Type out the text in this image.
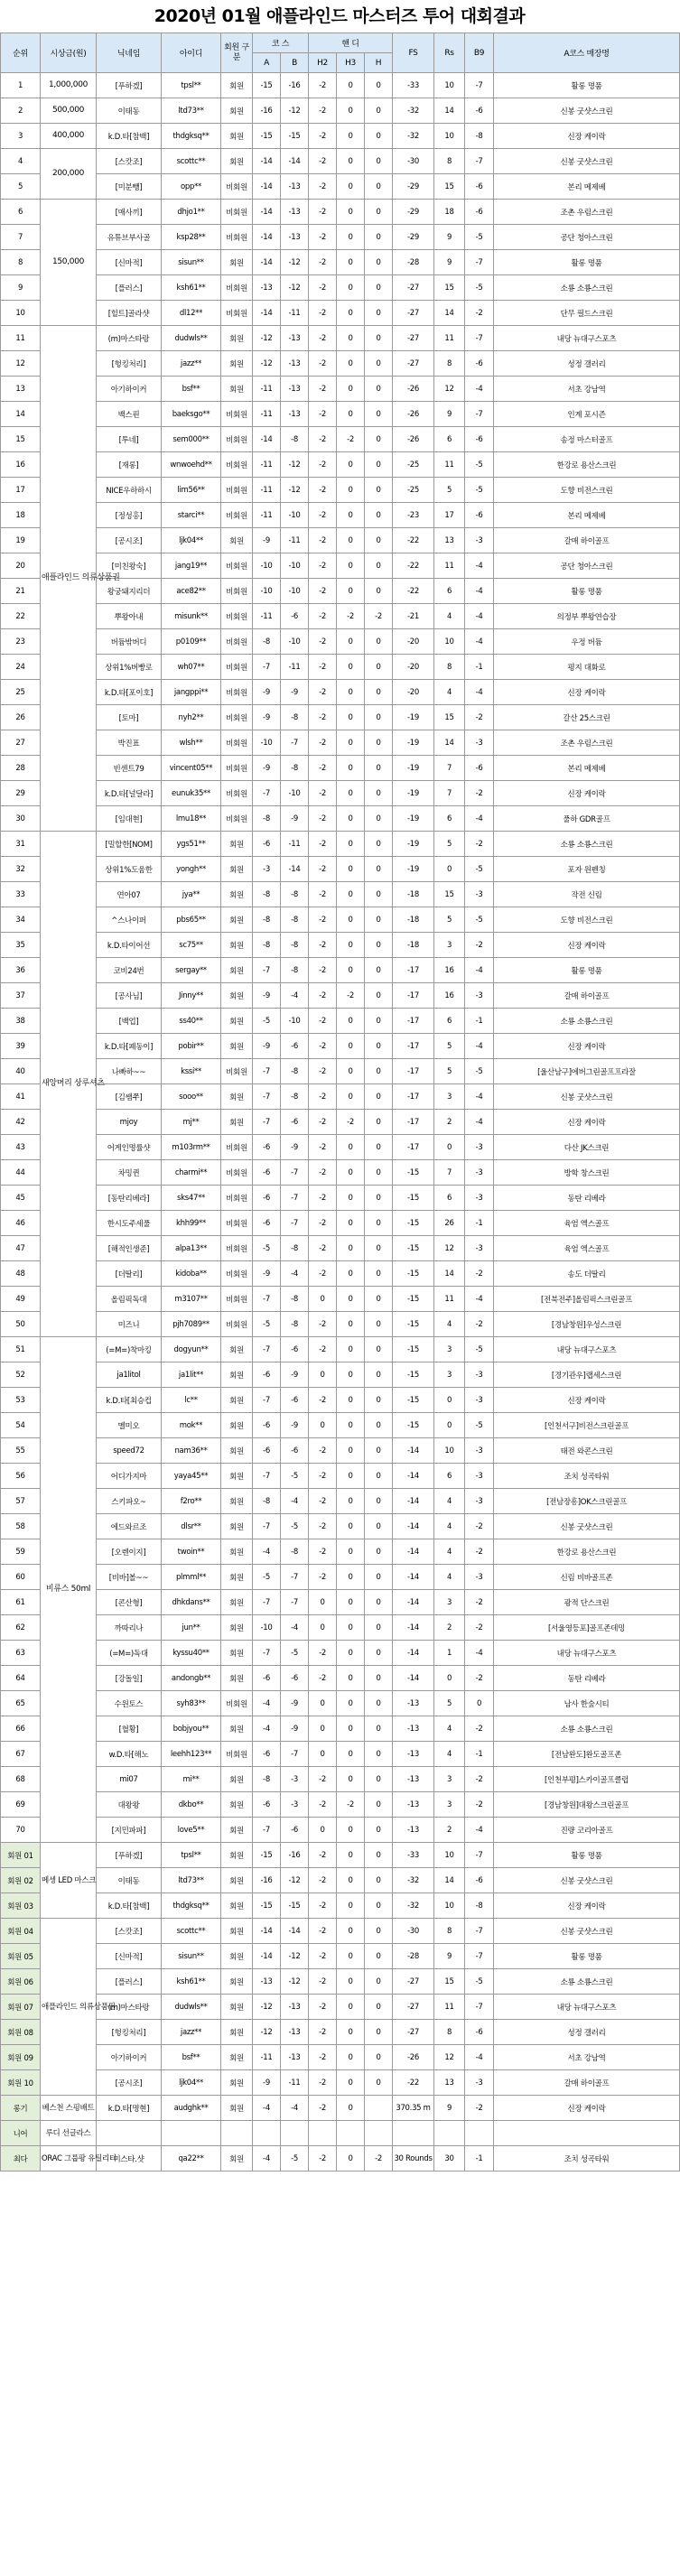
2020년 01월 애플라인드 마스터즈 투어 대회결과
순위	시상금(원)	닉네임	아이디	회원 구분	코 스		핸 디			FS	Rs	B9	A코스 매장명
					A	B	H2	H3	H				
1	1,000,000	[푸하겠]	tpsl**	회원	-15	-16	-2	0	0	-33	10	-7	활롱 명품
2	500,000	이태동	ltd73**	회원	-16	-12	-2	0	0	-32	14	-6	신봉 굿샷스크린
3	400,000	k.D.타[참백]	thdgksq**	회원	-15	-15	-2	0	0	-32	10	-8	신장 케이락
4	200,000	[스캇조]	scottc**	회원	-14	-14	-2	0	0	-30	8	-7	신봉 굿샷스크린
5		[미분뺑]	opp**	비회원	-14	-13	-2	0	0	-29	15	-6	본리 메제베
6	150,000	[매사끼]	dhjo1**	비회원	-14	-13	-2	0	0	-29	18	-6	조촌 우림스크린
7		유튜브부사골	ksp28**	비회원	-14	-13	-2	0	0	-29	9	-5	공단 청아스크린
8		[신마적]	sisun**	회원	-14	-12	-2	0	0	-28	9	-7	활롱 명품
9		[플러스]	ksh61**	비회원	-13	-12	-2	0	0	-27	15	-5	소룡 소룡스크린
10		[힐트]골라샷	dl12**	비회원	-14	-11	-2	0	0	-27	14	-2	단무 필드스크린
11	애플라인드 의류상품권	(m)마스타랑	dudwls**	회원	-12	-13	-2	0	0	-27	11	-7	내당 뉴대구스포츠
12		[헝킹처리]	jazz**	회원	-12	-13	-2	0	0	-27	8	-6	성정 갤러리
13		아기하이커	bsf**	회원	-11	-13	-2	0	0	-26	12	-4	서초 강남역
14		백스핀	baeksgo**	비회원	-11	-13	-2	0	0	-26	9	-7	인계 포시즌
15		[투네]	sem000**	비회원	-14	-8	-2	-2	0	-26	6	-6	송정 마스터골프
16		[재롱]	wnwoehd**	비회원	-11	-12	-2	0	0	-25	11	-5	한강로 용산스크린
17		NICE우하하시	lim56**	비회원	-11	-12	-2	0	0	-25	5	-5	도향 비전스크린
18		[정성홍]	starci**	비회원	-11	-10	-2	0	0	-23	17	-6	본리 메제베
19		[공시조]	ljk04**	회원	-9	-11	-2	0	0	-22	13	-3	갈매 하이골프
20		[미친왕숙]	jang19**	비회원	-10	-10	-2	0	0	-22	11	-4	공단 청아스크린
21		왕궁돼지리더	ace82**	비회원	-10	-10	-2	0	0	-22	6	-4	활롱 명품
22		뿌왕아내	misunk**	비회원	-11	-6	-2	-2	-2	-21	4	-4	의정부 뿌왕연습장
23		버듐밖버디	p0109**	비회원	-8	-10	-2	0	0	-20	10	-4	우정 버듐
24		상위1%버빵로	wh07**	비회원	-7	-11	-2	0	0	-20	8	-1	평지 대화로
25		k.D.타[포이호]	jangppi**	비회원	-9	-9	-2	0	0	-20	4	-4	신장 케이락
26		[토마]	nyh2**	비회원	-9	-8	-2	0	0	-19	15	-2	갈산 25스크린
27		박진표	wlsh**	비회원	-10	-7	-2	0	0	-19	14	-3	조촌 우림스크린
28		빈센트79	vincent05**	비회원	-9	-8	-2	0	0	-19	7	-6	본리 메제베
29		k.D.타[널달라]	eunuk35**	비회원	-7	-10	-2	0	0	-19	7	-2	신장 케이락
30		[임대현]	lmu18**	비회원	-8	-9	-2	0	0	-19	6	-4	풀하 GDR골프
31	새앙머리 상루셔츠	[밀할한[NOM]	ygs51**	회원	-6	-11	-2	0	0	-19	5	-2	소룡 소룡스크린
32		상위1%도움한	yongh**	회원	-3	-14	-2	0	0	-19	0	-5	포자 원펜칭
33		연아07	jya**	회원	-8	-8	-2	0	0	-18	15	-3	작전 신림
34		^스나이퍼	pbs65**	회원	-8	-8	-2	0	0	-18	5	-5	도향 비전스크린
35		k.D.타이어선	sc75**	회원	-8	-8	-2	0	0	-18	3	-2	신장 케이락
36		코비24번	sergay**	회원	-7	-8	-2	0	0	-17	16	-4	활롱 명품
37		[공사님]	Jinny**	회원	-9	-4	-2	-2	0	-17	16	-3	갈매 하이골프
38		[백업]	ss40**	회원	-5	-10	-2	0	0	-17	6	-1	소룡 소룡스크린
39		k.D.타[폐동이]	pobir**	회원	-9	-6	-2	0	0	-17	5	-4	신장 케이락
40		나빠하~~	kssi**	비회원	-7	-8	-2	0	0	-17	5	-5	[울산남구]에버그린골프프라잘
41		[김쌤쭈]	sooo**	회원	-7	-8	-2	0	0	-17	3	-4	신봉 굿샷스크린
42		mjoy	mj**	회원	-7	-6	-2	-2	0	-17	2	-4	신장 케이락
43		어게인명률샷	m103rm**	비회원	-6	-9	-2	0	0	-17	0	-3	다산 JK스크린
44		차밍퀸	charmi**	비회원	-6	-7	-2	0	0	-15	7	-3	방학 창스크린
45		[동탄리베라]	sks47**	비회원	-6	-7	-2	0	0	-15	6	-3	동탄 리베라
46		한시도주세풀	khh99**	비회원	-6	-7	-2	0	0	-15	26	-1	육엄 엑스골프
47		[해적인생준]	alpa13**	비회원	-5	-8	-2	0	0	-15	12	-3	육엄 엑스골프
48		[더딸리]	kidoba**	비회원	-9	-4	-2	0	0	-15	14	-2	송도 더딸리
49		올림픽독대	m3107**	비회원	-7	-8	0	0	0	-15	11	-4	[전북전주]올림픽스크린골프
50		미즈니	pjh7089**	비회원	-5	-8	-2	0	0	-15	4	-2	[경남창원]우성스크린
51	비류스 50ml	(=M=)착마킹	dogyun**	회원	-7	-6	-2	0	0	-15	3	-5	내당 뉴대구스포츠
52		ja1litol	ja1lit**	회원	-6	-9	0	0	0	-15	3	-3	[경기관우]랩세스크린
53		k.D.타[최승컵	lc**	회원	-7	-6	-2	0	0	-15	0	-3	신장 케이락
54		멜미오	mok**	회원	-6	-9	0	0	0	-15	0	-5	[인천서구]비전스크린골프
55		speed72	nam36**	회원	-6	-6	-2	0	0	-14	10	-3	태전 와콘스크린
56		어디가지마	yaya45**	회원	-7	-5	-2	0	0	-14	6	-3	조치 성곡타워
57		스키파오~	f2ro**	회원	-8	-4	-2	0	0	-14	4	-3	[전남장흥]OK스크린골프
58		에드와르조	dlsr**	회원	-7	-5	-2	0	0	-14	4	-2	신봉 굿샷스크린
59		[오렌이지]	twoin**	회원	-4	-8	-2	0	0	-14	4	-2	한강로 용산스크린
60		[비바]볼~~	plmml**	회원	-5	-7	-2	0	0	-14	4	-3	신림 비바골프존
61		[콘산형]	dhkdans**	회원	-7	-7	0	0	0	-14	3	-2	광적 단스크린
62		까따리나	jun**	회원	-10	-4	0	0	0	-14	2	-2	[서울영등포]골프존데밍
63		(=M=)독대	kyssu40**	회원	-7	-5	-2	0	0	-14	1	-4	내당 뉴대구스포츠
64		[강돌일]	andongb**	회원	-6	-6	-2	0	0	-14	0	-2	동탄 리베라
65		수원토스	syh83**	비회원	-4	-9	0	0	0	-13	5	0	남사 한숲시티
66		[혈황]	bobjyou**	회원	-4	-9	0	0	0	-13	4	-2	소룡 소룡스크린
67		w.D.타[해노	leehh123**	비회원	-6	-7	0	0	0	-13	4	-1	[전남완도]완도골프존
68		mi07	mi**	회원	-8	-3	-2	0	0	-13	3	-2	[인천부평]스카이골프클럽
69		대왕왕	dkbo**	회원	-6	-3	-2	-2	0	-13	3	-2	[경남창원]대왕스크린골프
70		[지민파파]	love5**	회원	-7	-6	0	0	0	-13	2	-4	진량 코리아골프
회원 01	메셍 LED 마스크	[푸하겠]	tpsl**	회원	-15	-16	-2	0	0	-33	10	-7	활롱 명품
회원 02		이태동	ltd73**	회원	-16	-12	-2	0	0	-32	14	-6	신봉 굿샷스크린
회원 03		k.D.타[참백]	thdgksq**	회원	-15	-15	-2	0	0	-32	10	-8	신장 케이락
회원 04	애플라인드 의류상품권	[스캇조]	scottc**	회원	-14	-14	-2	0	0	-30	8	-7	신봉 굿샷스크린
회원 05		[신마적]	sisun**	회원	-14	-12	-2	0	0	-28	9	-7	활롱 명품
회원 06		[플러스]	ksh61**	회원	-13	-12	-2	0	0	-27	15	-5	소룡 소룡스크린
회원 07		(m)마스타랑	dudwls**	회원	-12	-13	-2	0	0	-27	11	-7	내당 뉴대구스포츠
회원 08		[헝킹처리]	jazz**	회원	-12	-13	-2	0	0	-27	8	-6	성정 갤러리
회원 09		아기하이커	bsf**	회원	-11	-13	-2	0	0	-26	12	-4	서초 강남역
회원 10		[공시조]	ljk04**	회원	-9	-11	-2	0	0	-22	13	-3	갈매 하이골프
롱기	베스천 스핑배트	k.D.타[명현]	audghk**	회원	-4	-4	-2	0		370.35 m	9	-2	신장 케이락
니어	루디 선글라스												
최다	ORAC 그룹팡 유틸리티	미스타.샷	qa22**	회원	-4	-5	-2	0	-2	30 Rounds	30	-1	조치 성곡타워
